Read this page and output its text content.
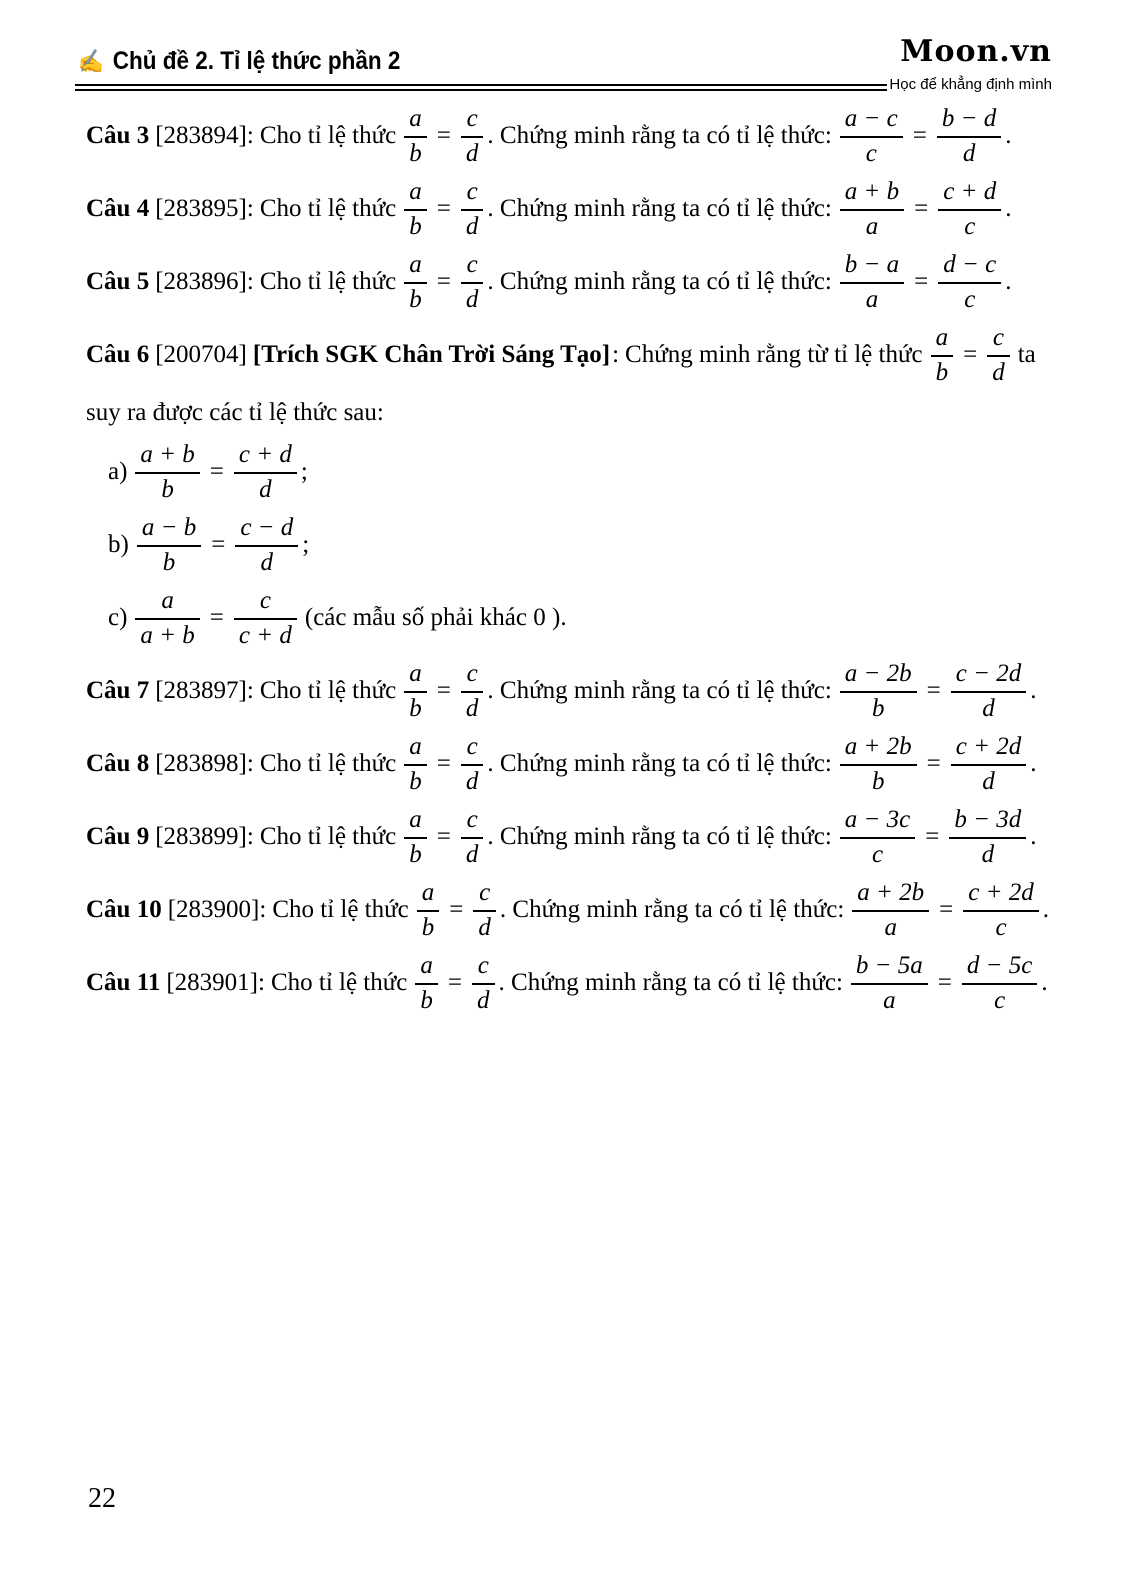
✍ Chủ đề 2. Tỉ lệ thức phần 2	Moon.vn
Học để khẳng định mình
Câu 3 [283894]: Cho tỉ lệ thức $\frac{a}{b} = \frac{c}{d}$ . Chứng minh rằng ta có tỉ lệ thức: $\frac{a - c}{c} = \frac{b - d}{d}$ .
Câu 4 [283895]: Cho tỉ lệ thức $\frac{a}{b} = \frac{c}{d}$ . Chứng minh rằng ta có tỉ lệ thức: $\frac{a + b}{a} = \frac{c + d}{c}$ .
Câu 5 [283896]: Cho tỉ lệ thức $\frac{a}{b} = \frac{c}{d}$ . Chứng minh rằng ta có tỉ lệ thức: $\frac{b - a}{a} = \frac{d - c}{c}$ .
Câu 6 [200704] [Trích SGK Chân Trời Sáng Tạo] : Chứng minh rằng từ tỉ lệ thức $\frac{a}{b} = \frac{c}{d}$ ta
suy ra được các tỉ lệ thức sau:
$a) \frac{a + b}{b} = \frac{c + d}{d}$ ;
$b) \frac{a - b}{b} = \frac{c - d}{d}$ ;
$c) \frac{a}{a + b} = \frac{c}{c + d}$ (các mẫu số phải khác 0 ).
Câu 7 [283897]: Cho tỉ lệ thức $\frac{a}{b} = \frac{c}{d}$ . Chứng minh rằng ta có tỉ lệ thức: $\frac{a - 2b}{b} = \frac{c - 2d}{d}$ .
Câu 8 [283898]: Cho tỉ lệ thức $\frac{a}{b} = \frac{c}{d}$ . Chứng minh rằng ta có tỉ lệ thức: $\frac{a + 2b}{b} = \frac{c + 2d}{d}$ .
Câu 9 [283899]: Cho tỉ lệ thức $\frac{a}{b} = \frac{c}{d}$ . Chứng minh rằng ta có tỉ lệ thức: $\frac{a - 3c}{c} = \frac{b - 3d}{d}$ .
Câu 10 [283900]: Cho tỉ lệ thức $\frac{a}{b} = \frac{c}{d}$ . Chứng minh rằng ta có tỉ lệ thức: $\frac{a + 2b}{a} = \frac{c + 2d}{c}$ .
Câu 11 [283901]: Cho tỉ lệ thức $\frac{a}{b} = \frac{c}{d}$ . Chứng minh rằng ta có tỉ lệ thức: $\frac{b - 5a}{a} = \frac{d - 5c}{c}$ .
22
